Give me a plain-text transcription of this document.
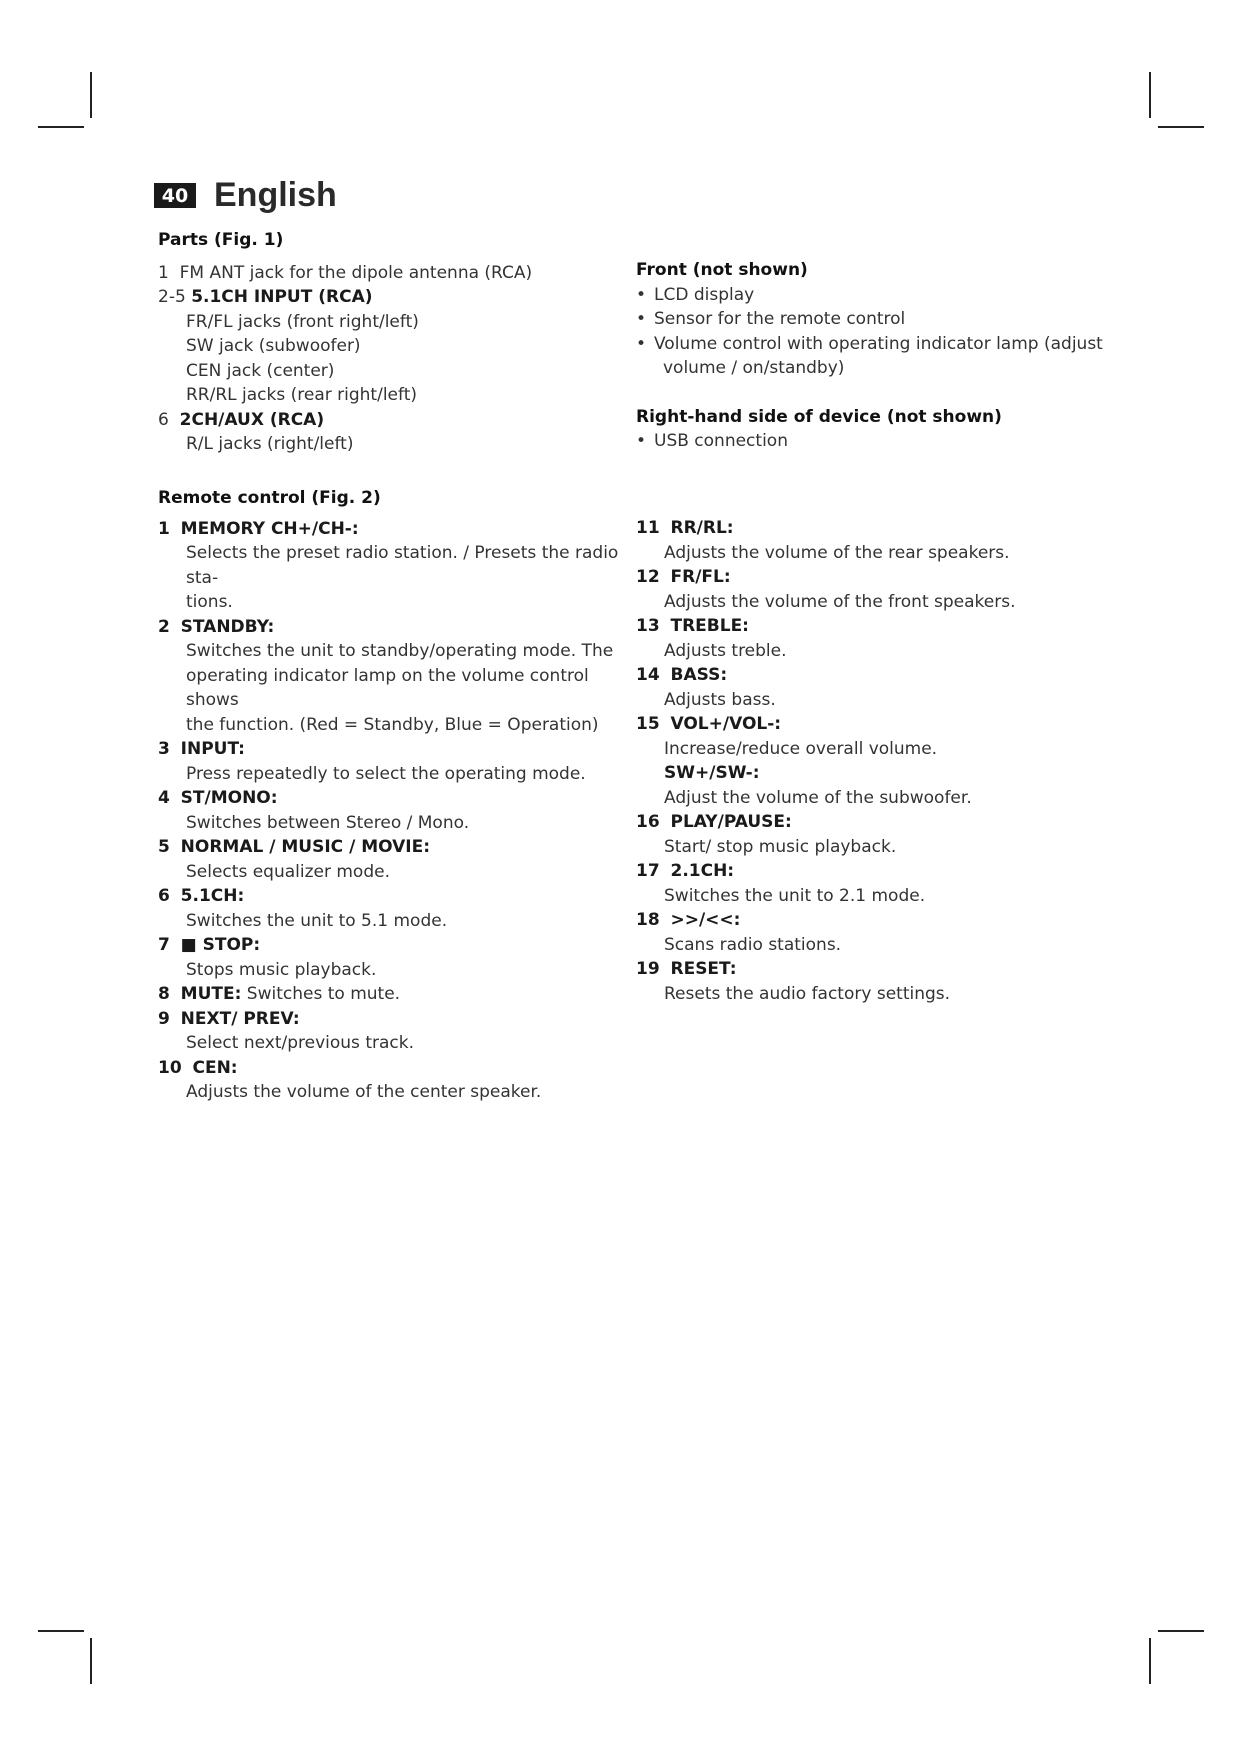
40 English
Parts (Fig. 1)
1 FM ANT jack for the dipole antenna (RCA)
2-5 5.1CH INPUT (RCA)
FR/FL jacks (front right/left)
SW jack (subwoofer)
CEN jack (center)
RR/RL jacks (rear right/left)
6 2CH/AUX (RCA)
R/L jacks (right/left)
Front (not shown)
• LCD display
• Sensor for the remote control
• Volume control with operating indicator lamp (adjust
volume / on/standby)
Right-hand side of device (not shown)
• USB connection
Remote control (Fig. 2)
1 MEMORY CH+/CH-:
Selects the preset radio station. / Presets the radio sta-
tions.
2 STANDBY:
Switches the unit to standby/operating mode. The
operating indicator lamp on the volume control shows
the function. (Red = Standby, Blue = Operation)
3 INPUT:
Press repeatedly to select the operating mode.
4 ST/MONO:
Switches between Stereo / Mono.
5 NORMAL / MUSIC / MOVIE:
Selects equalizer mode.
6 5.1CH:
Switches the unit to 5.1 mode.
7 ■ STOP:
Stops music playback.
8 MUTE: Switches to mute.
9 NEXT/ PREV:
Select next/previous track.
10 CEN:
Adjusts the volume of the center speaker.
11 RR/RL:
Adjusts the volume of the rear speakers.
12 FR/FL:
Adjusts the volume of the front speakers.
13 TREBLE:
Adjusts treble.
14 BASS:
Adjusts bass.
15 VOL+/VOL-:
Increase/reduce overall volume.
SW+/SW-:
Adjust the volume of the subwoofer.
16 PLAY/PAUSE:
Start/ stop music playback.
17 2.1CH:
Switches the unit to 2.1 mode.
18 >>/<<:
Scans radio stations.
19 RESET:
Resets the audio factory settings.
